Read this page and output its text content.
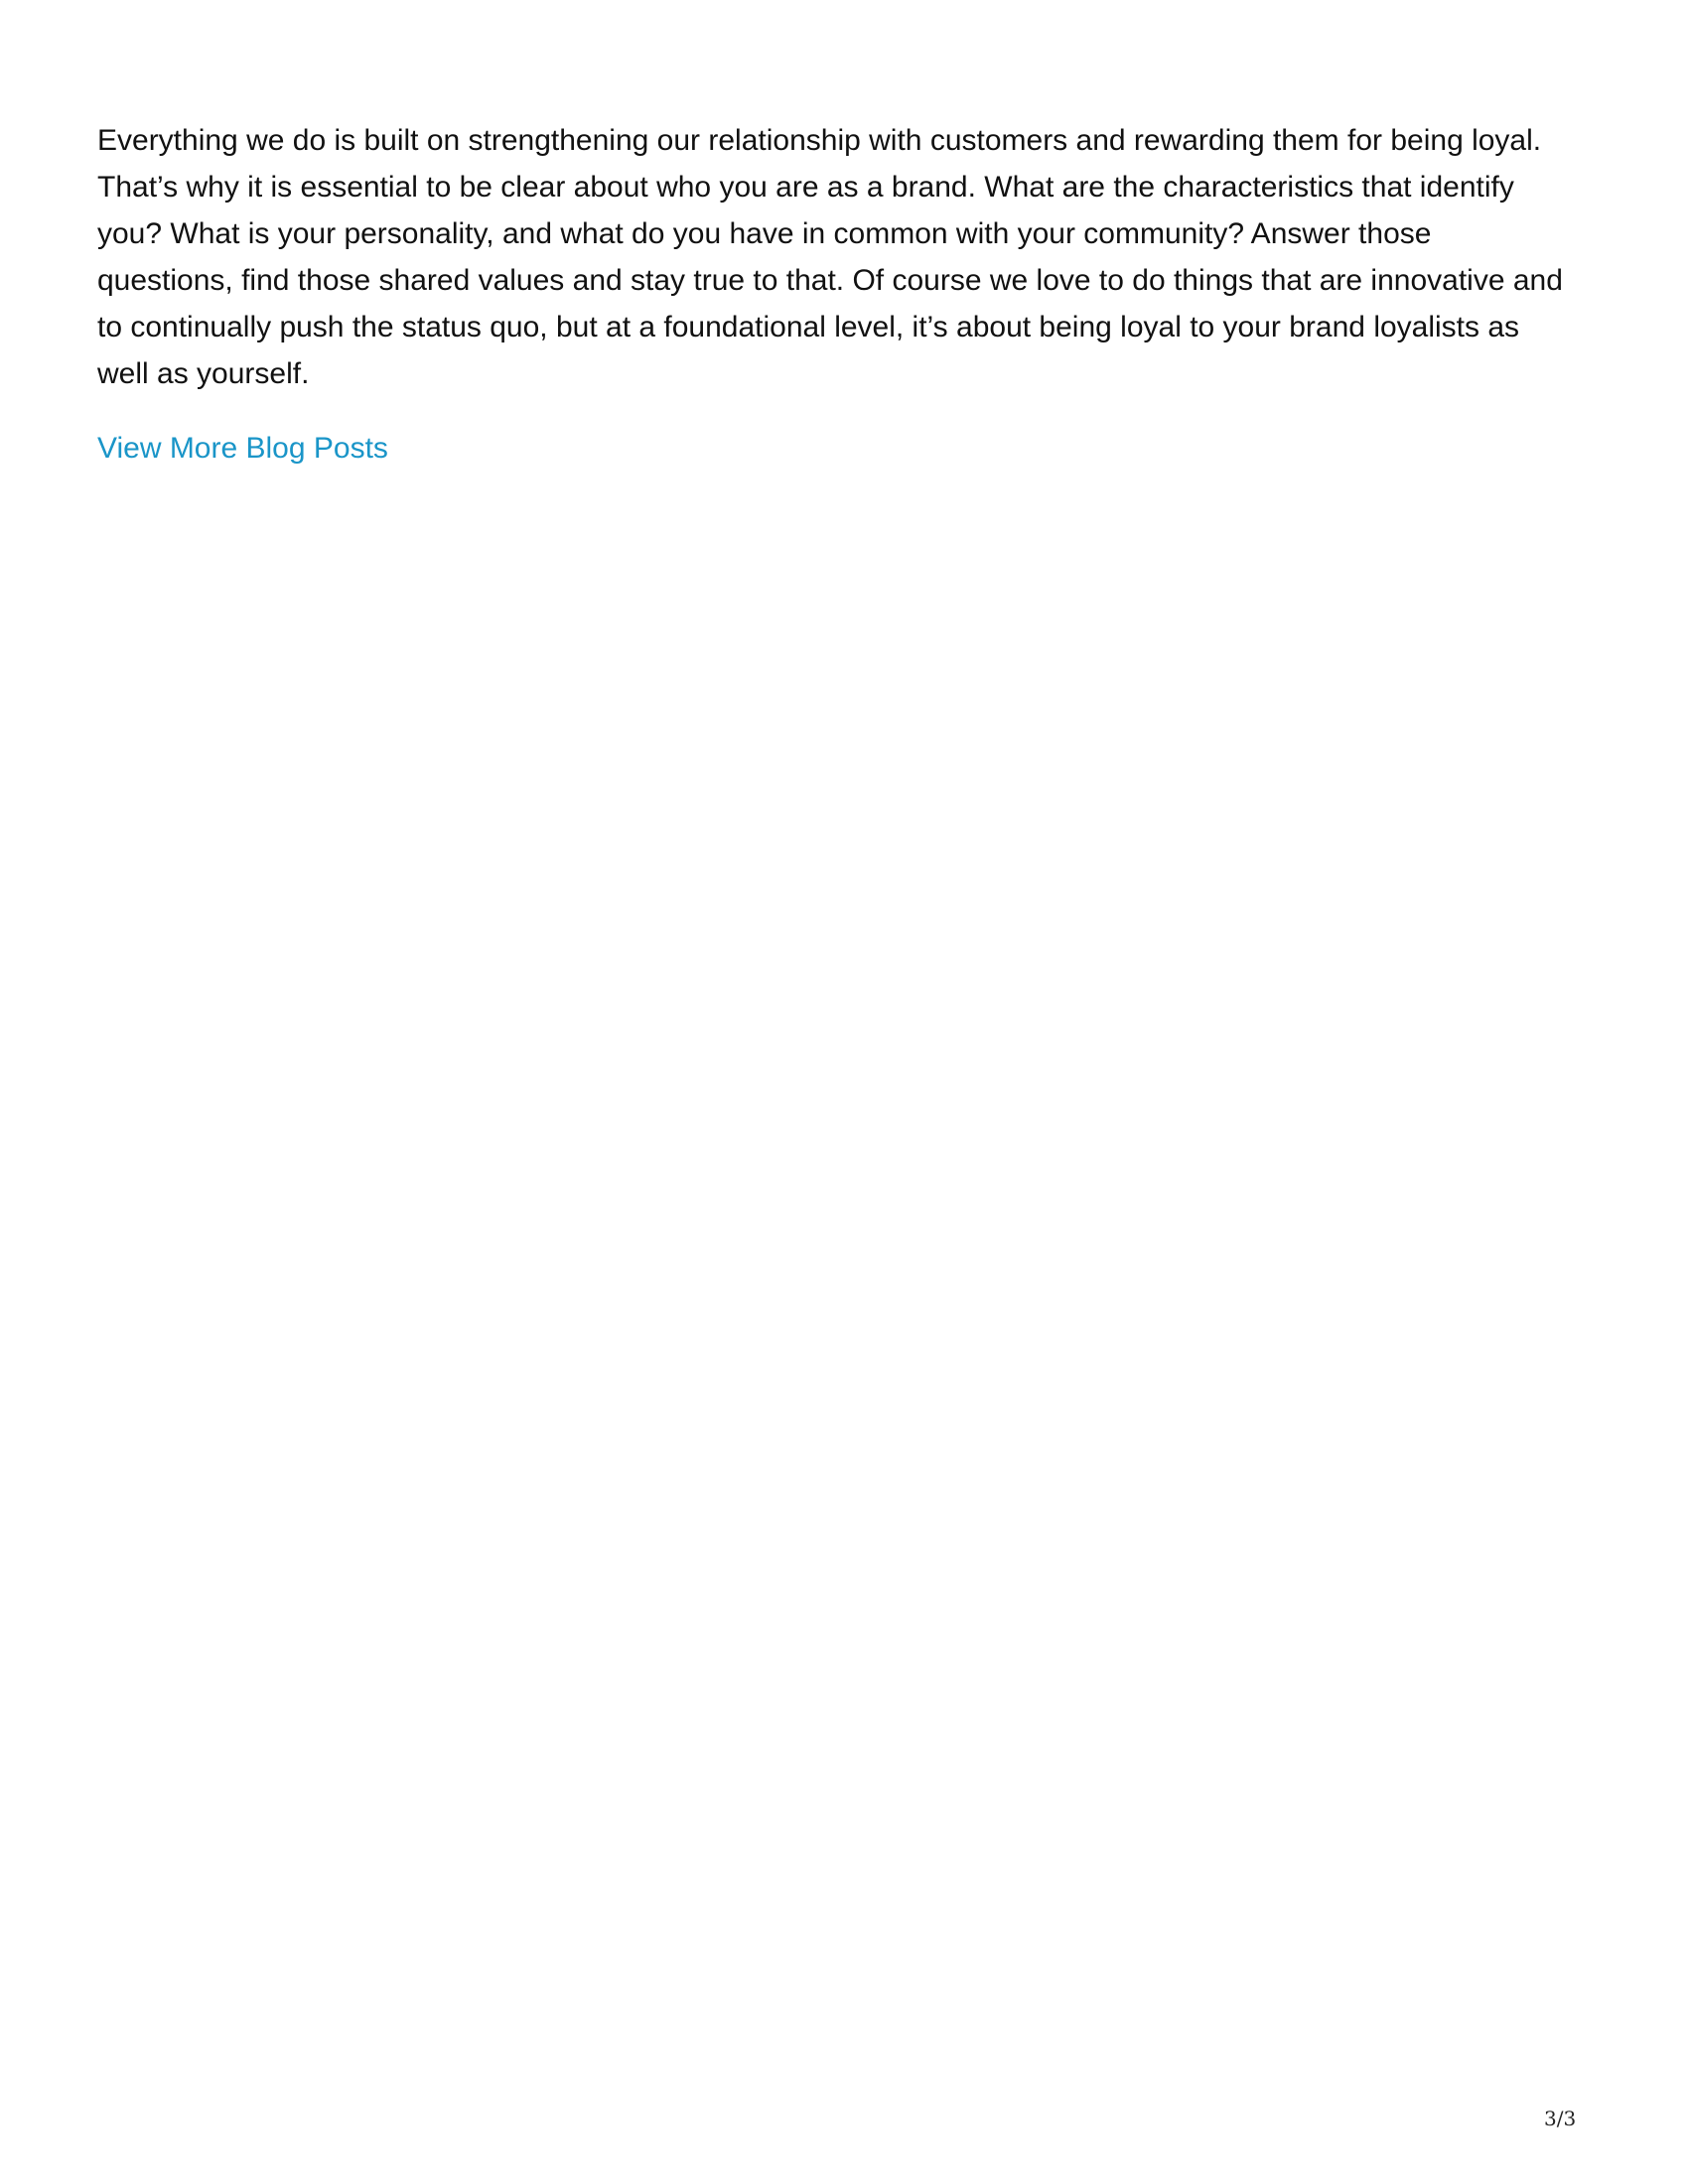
Everything we do is built on strengthening our relationship with customers and rewarding them for being loyal. That’s why it is essential to be clear about who you are as a brand. What are the characteristics that identify you? What is your personality, and what do you have in common with your community? Answer those questions, find those shared values and stay true to that. Of course we love to do things that are innovative and to continually push the status quo, but at a foundational level, it’s about being loyal to your brand loyalists as well as yourself.

View More Blog Posts
3/3
